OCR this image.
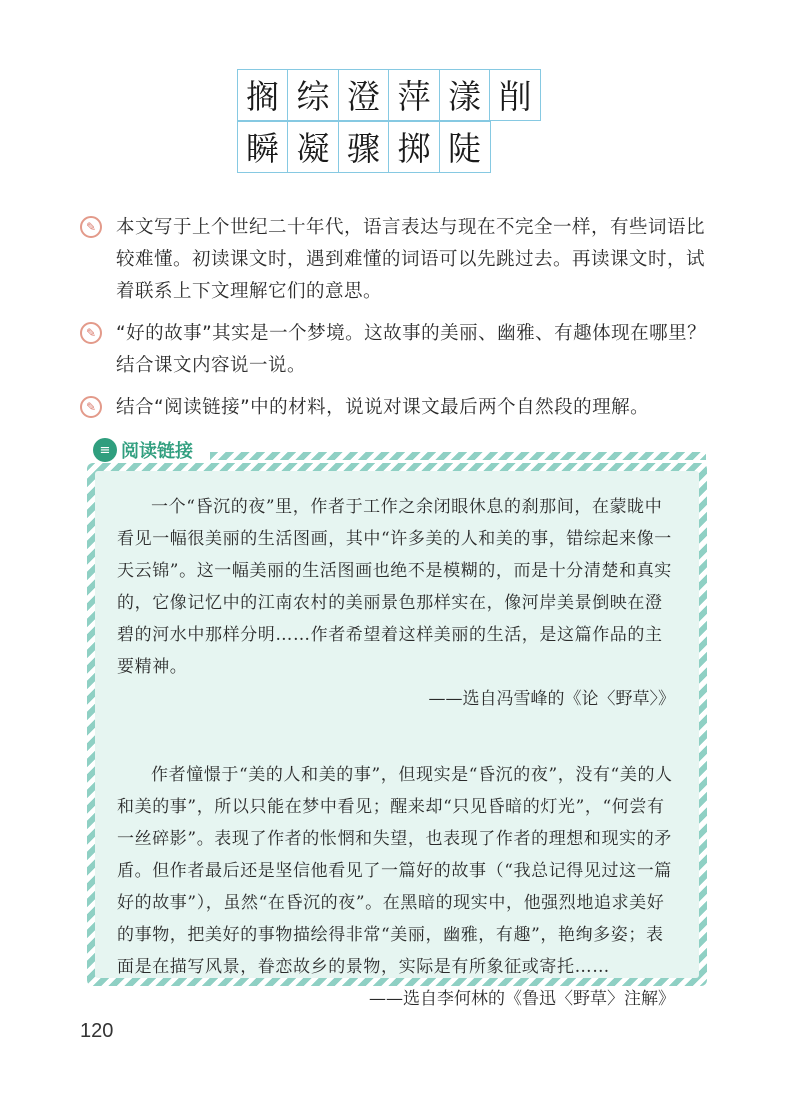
搁 综 澄 萍 漾 削
瞬 凝 骤 掷 陡
✎	本文写于上个世纪二十年代，语言表达与现在不完全一样，有些词语比较难懂。初读课文时，遇到难懂的词语可以先跳过去。再读课文时，试着联系上下文理解它们的意思。
✎	“好的故事”其实是一个梦境。这故事的美丽、幽雅、有趣体现在哪里？结合课文内容说一说。
✎	结合“阅读链接”中的材料，说说对课文最后两个自然段的理解。
≡ 阅读链接

一个“昏沉的夜”里，作者于工作之余闭眼休息的刹那间，在蒙眬中看见一幅很美丽的生活图画，其中“许多美的人和美的事，错综起来像一天云锦”。这一幅美丽的生活图画也绝不是模糊的，而是十分清楚和真实的，它像记忆中的江南农村的美丽景色那样实在，像河岸美景倒映在澄碧的河水中那样分明……作者希望着这样美丽的生活，是这篇作品的主要精神。

——选自冯雪峰的《论〈野草〉》

作者憧憬于“美的人和美的事”，但现实是“昏沉的夜”，没有“美的人和美的事”，所以只能在梦中看见；醒来却“只见昏暗的灯光”，“何尝有一丝碎影”。表现了作者的怅惘和失望，也表现了作者的理想和现实的矛盾。但作者最后还是坚信他看见了一篇好的故事（“我总记得见过这一篇好的故事”），虽然“在昏沉的夜”。在黑暗的现实中，他强烈地追求美好的事物，把美好的事物描绘得非常“美丽，幽雅，有趣”，艳绚多姿；表面是在描写风景，眷恋故乡的景物，实际是有所象征或寄托……

——选自李何林的《鲁迅〈野草〉注解》

120
